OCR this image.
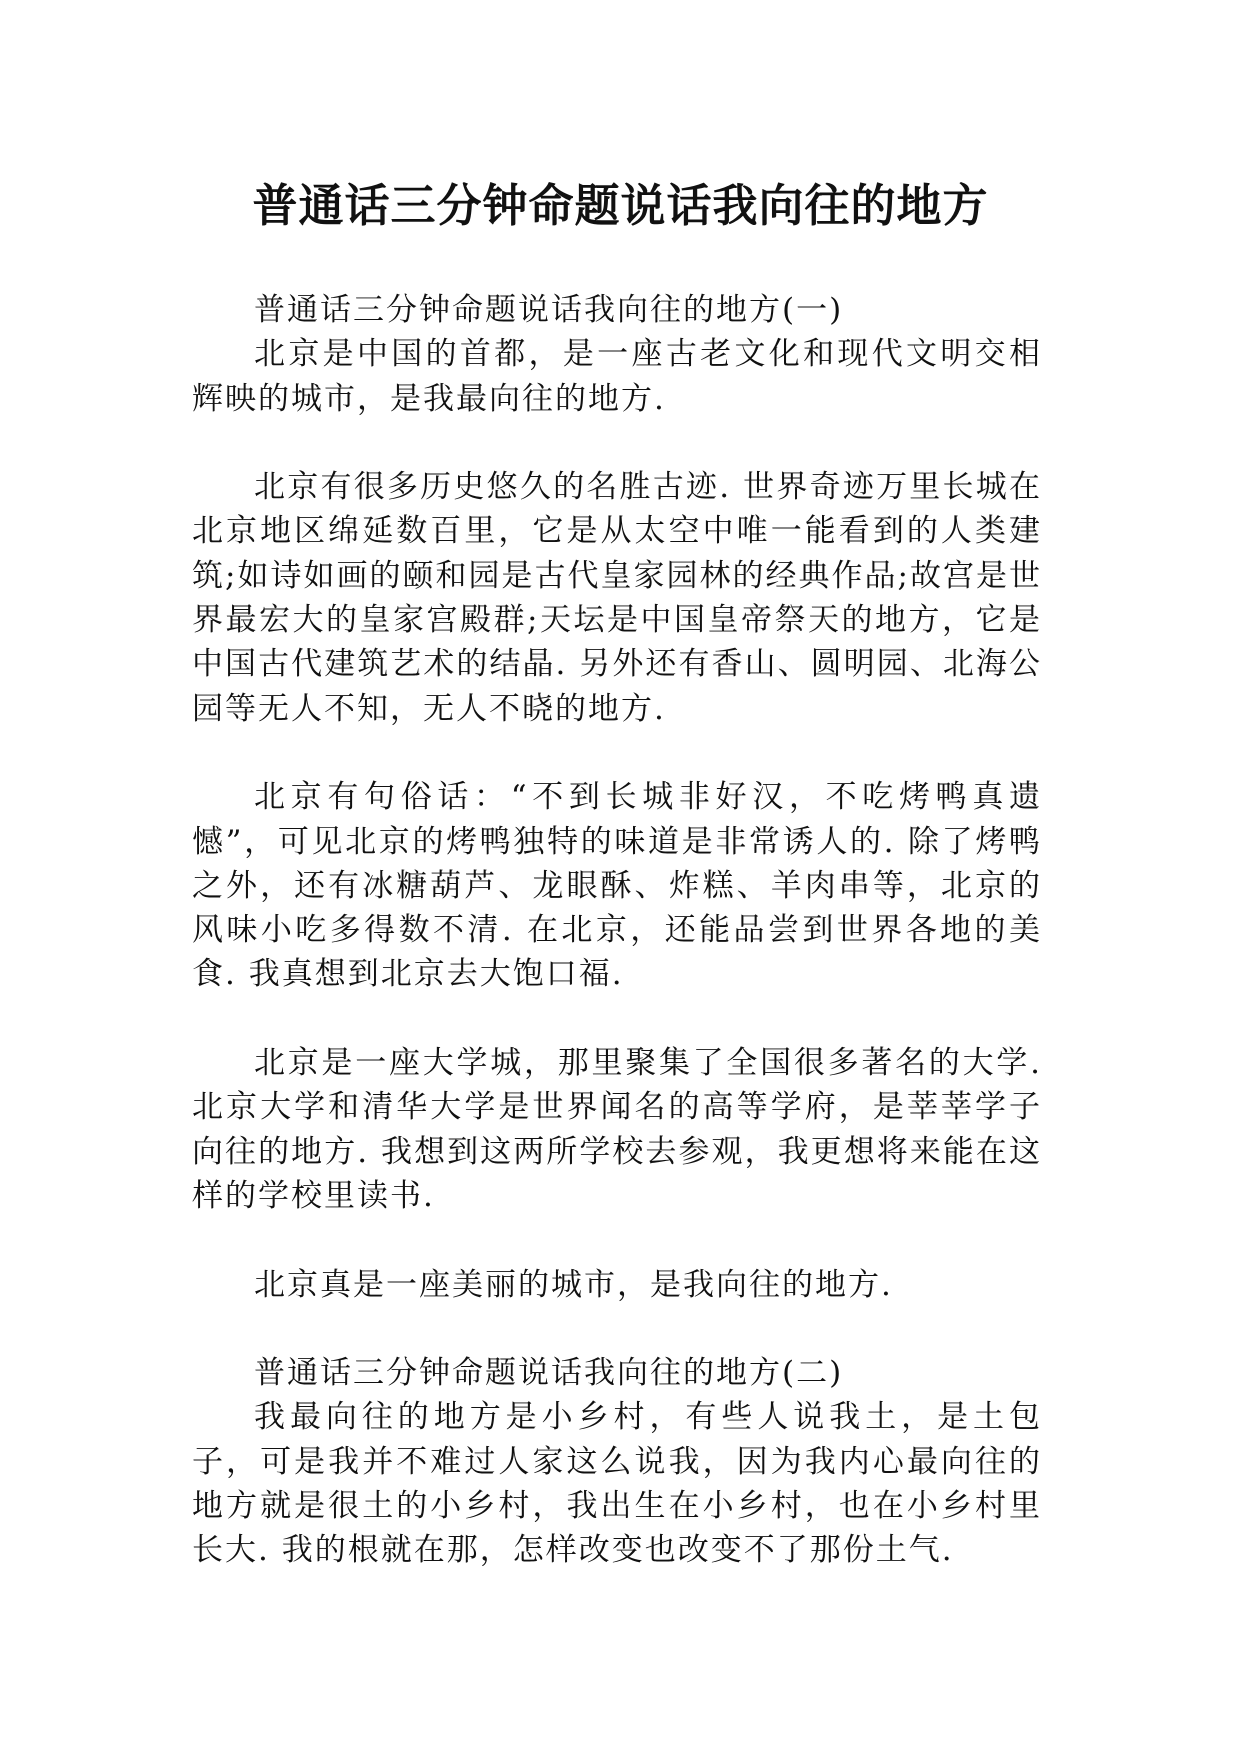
普通话三分钟命题说话我向往的地方

普通话三分钟命题说话我向往的地方(一)

北京是中国的首都，是一座古老文化和现代文明交相辉映的城市，是我最向往的地方.

北京有很多历史悠久的名胜古迹. 世界奇迹万里长城在北京地区绵延数百里，它是从太空中唯一能看到的人类建筑;如诗如画的颐和园是古代皇家园林的经典作品;故宫是世界最宏大的皇家宫殿群;天坛是中国皇帝祭天的地方，它是中国古代建筑艺术的结晶. 另外还有香山、圆明园、北海公园等无人不知，无人不晓的地方.

北京有句俗话：“不到长城非好汉，不吃烤鸭真遗憾”，可见北京的烤鸭独特的味道是非常诱人的. 除了烤鸭之外，还有冰糖葫芦、龙眼酥、炸糕、羊肉串等，北京的风味小吃多得数不清. 在北京，还能品尝到世界各地的美食. 我真想到北京去大饱口福.

北京是一座大学城，那里聚集了全国很多著名的大学. 北京大学和清华大学是世界闻名的高等学府，是莘莘学子向往的地方. 我想到这两所学校去参观，我更想将来能在这样的学校里读书.

北京真是一座美丽的城市，是我向往的地方.

普通话三分钟命题说话我向往的地方(二)

我最向往的地方是小乡村，有些人说我土，是土包子，可是我并不难过人家这么说我，因为我内心最向往的地方就是很土的小乡村，我出生在小乡村，也在小乡村里长大. 我的根就在那，怎样改变也改变不了那份土气.
